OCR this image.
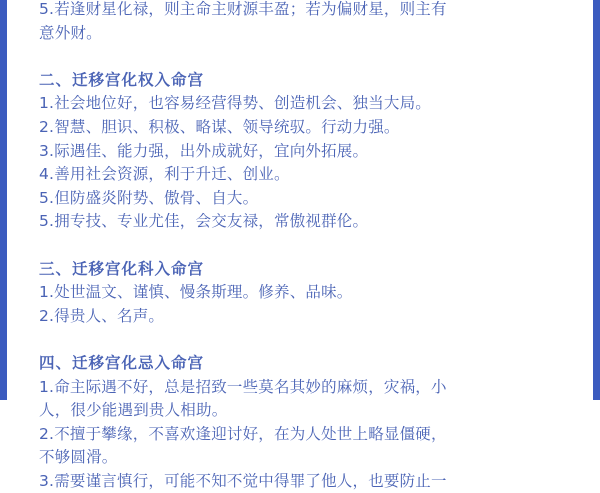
5.若逢财星化禄，则主命主财源丰盈；若为偏财星，则主有
意外财。
二、迁移宫化权入命宫
1.社会地位好，也容易经营得势、创造机会、独当大局。
2.智慧、胆识、积极、略谋、领导统驭。行动力强。
3.际遇佳、能力强，出外成就好，宜向外拓展。
4.善用社会资源，利于升迁、创业。
5.但防盛炎附势、傲骨、自大。
5.拥专技、专业尤佳，会交友禄，常傲视群伦。
三、迁移宫化科入命宫
1.处世温文、谨慎、慢条斯理。修养、品味。
2.得贵人、名声。
四、迁移宫化忌入命宫
1.命主际遇不好，总是招致一些莫名其妙的麻烦，灾祸，小
人，很少能遇到贵人相助。
2.不擅于攀缘，不喜欢逢迎讨好，在为人处世上略显僵硬，
不够圆滑。
3.需要谨言慎行，可能不知不觉中得罪了他人，也要防止一
